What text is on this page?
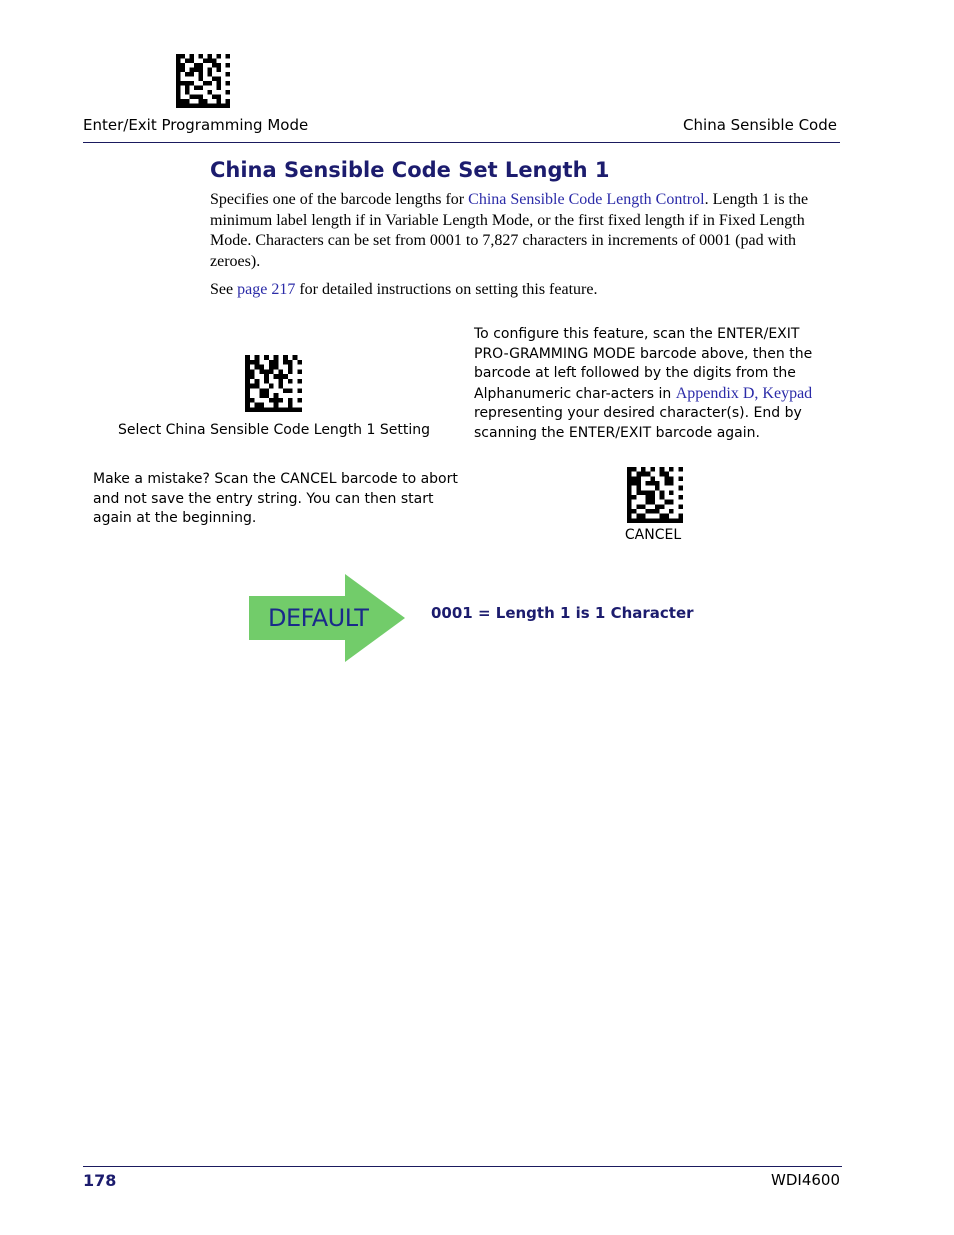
Enter/Exit Programming Mode	China Sensible Code
China Sensible Code Set Length 1

Specifies one of the barcode lengths for China Sensible Code Length Control. Length 1 is the minimum label length if in Variable Length Mode, or the first fixed length if in Fixed Length Mode. Characters can be set from 0001 to 7,827 characters in increments of 0001 (pad with zeroes).

See page 217 for detailed instructions on setting this feature.

Select China Sensible Code Length 1 Setting
To configure this feature, scan the ENTER/EXIT PRO-GRAMMING MODE barcode above, then the barcode at left followed by the digits from the Alphanumeric char-acters in Appendix D, Keypad representing your desired character(s). End by scanning the ENTER/EXIT barcode again.
Make a mistake? Scan the CANCEL barcode to abort and not save the entry string. You can then start again at the beginning.
CANCEL
DEFAULT	0001 = Length 1 is 1 Character
178	WDI4600
